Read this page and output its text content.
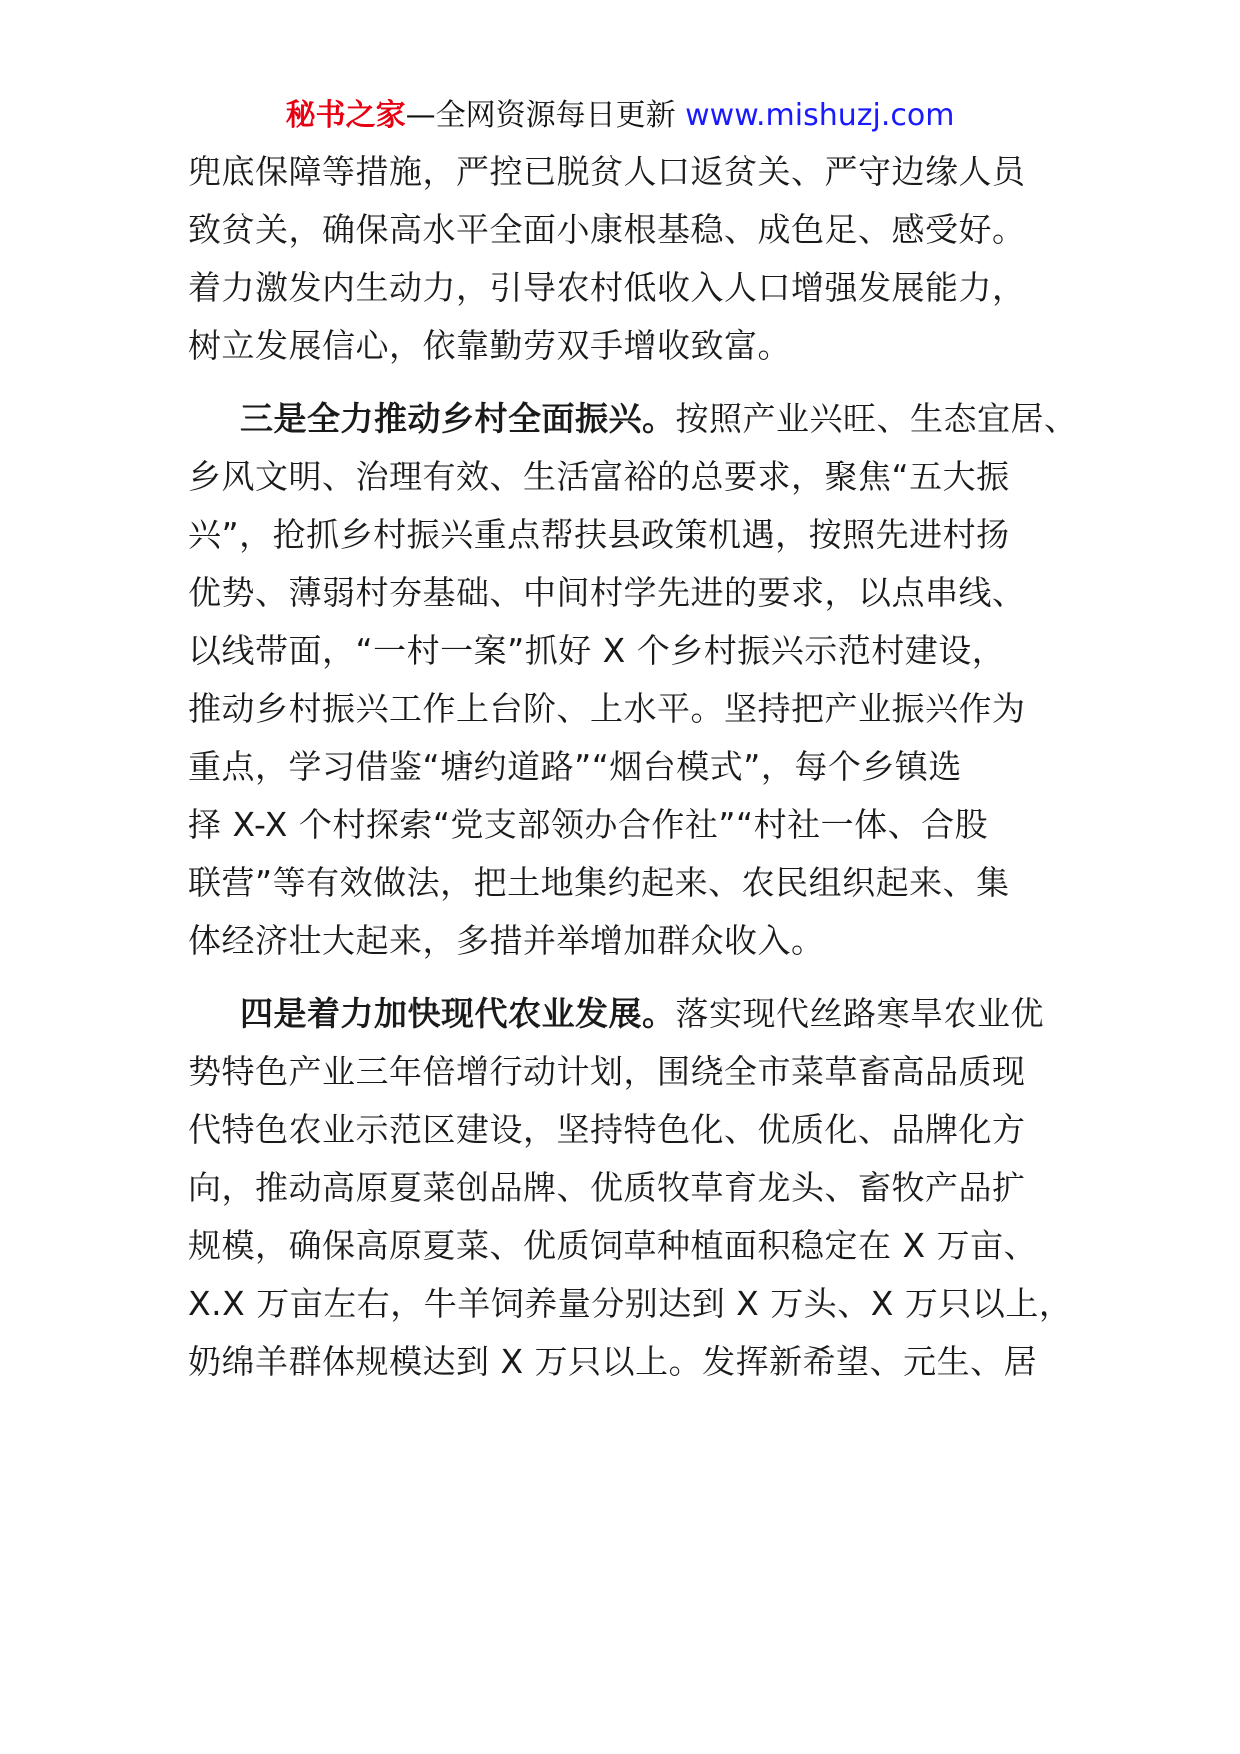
秘书之家—全网资源每日更新 www.mishuzj.com
兜底保障等措施，严控已脱贫人口返贫关、严守边缘人员
致贫关，确保高水平全面小康根基稳、成色足、感受好。
着力激发内生动力，引导农村低收入人口增强发展能力，
树立发展信心，依靠勤劳双手增收致富。
三是全力推动乡村全面振兴。按照产业兴旺、生态宜居、
乡风文明、治理有效、生活富裕的总要求，聚焦“五大振
兴”，抢抓乡村振兴重点帮扶县政策机遇，按照先进村扬
优势、薄弱村夯基础、中间村学先进的要求，以点串线、
以线带面，“一村一案”抓好 X 个乡村振兴示范村建设，
推动乡村振兴工作上台阶、上水平。坚持把产业振兴作为
重点，学习借鉴“塘约道路”“烟台模式”，每个乡镇选
择 X-X 个村探索“党支部领办合作社”“村社一体、合股
联营”等有效做法，把土地集约起来、农民组织起来、集
体经济壮大起来，多措并举增加群众收入。
四是着力加快现代农业发展。落实现代丝路寒旱农业优
势特色产业三年倍增行动计划，围绕全市菜草畜高品质现
代特色农业示范区建设，坚持特色化、优质化、品牌化方
向，推动高原夏菜创品牌、优质牧草育龙头、畜牧产品扩
规模，确保高原夏菜、优质饲草种植面积稳定在 X 万亩、
X.X 万亩左右，牛羊饲养量分别达到 X 万头、X 万只以上，
奶绵羊群体规模达到 X 万只以上。发挥新希望、元生、居
